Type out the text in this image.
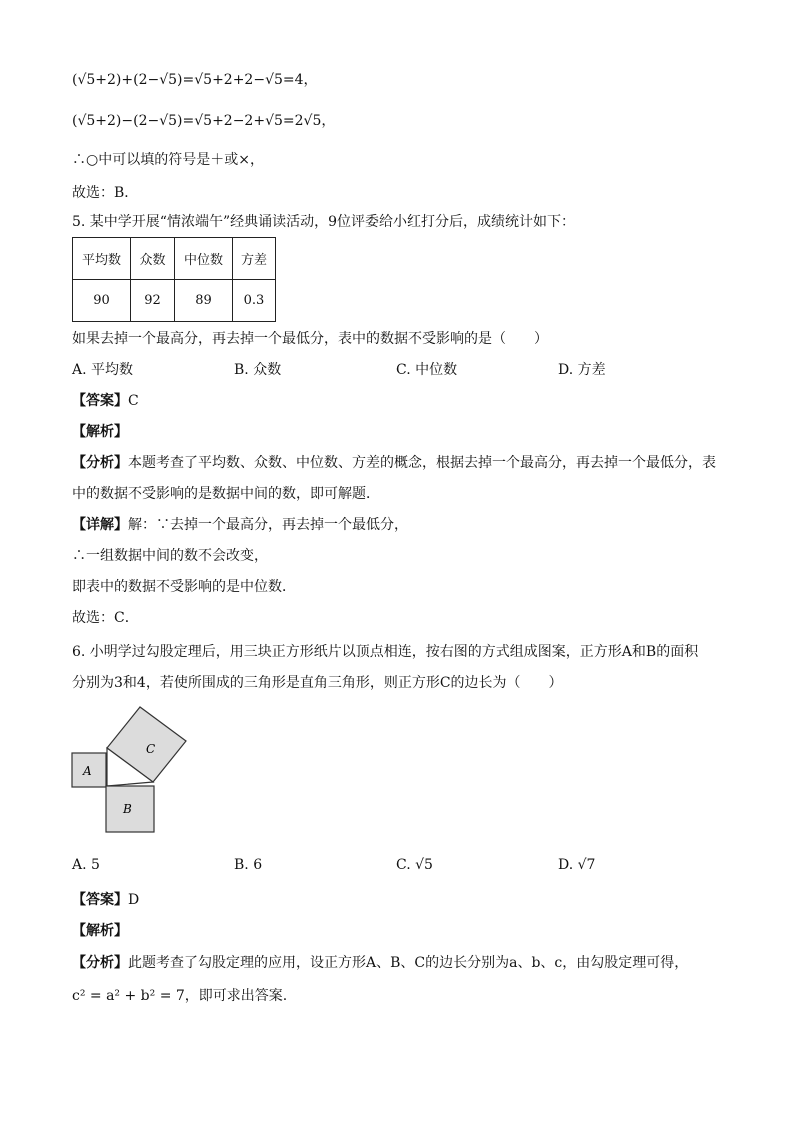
(√5+2)+(2−√5)=√5+2+2−√5=4，
(√5+2)−(2−√5)=√5+2−2+√5=2√5，
∴○中可以填的符号是＋或×，
故选：B．
5. 某中学开展“情浓端午”经典诵读活动，9位评委给小红打分后，成绩统计如下：
平均数	众数	中位数	方差
90	92	89	0.3
如果去掉一个最高分，再去掉一个最低分，表中的数据不受影响的是（　　）
A. 平均数	B. 众数	C. 中位数	D. 方差
【答案】C
【解析】
【分析】本题考查了平均数、众数、中位数、方差的概念，根据去掉一个最高分，再去掉一个最低分，表
中的数据不受影响的是数据中间的数，即可解题．
【详解】解：∵去掉一个最高分，再去掉一个最低分，
∴一组数据中间的数不会改变，
即表中的数据不受影响的是中位数．
故选：C．
6. 小明学过勾股定理后，用三块正方形纸片以顶点相连，按右图的方式组成图案，正方形A和B的面积
分别为3和4，若使所围成的三角形是直角三角形，则正方形C的边长为（　　）
C
A
B
A. 5	B. 6	C. √5	D. √7
【答案】D
【解析】
【分析】此题考查了勾股定理的应用，设正方形A、B、C的边长分别为a、b、c，由勾股定理可得，
c² = a² + b² = 7，即可求出答案.
